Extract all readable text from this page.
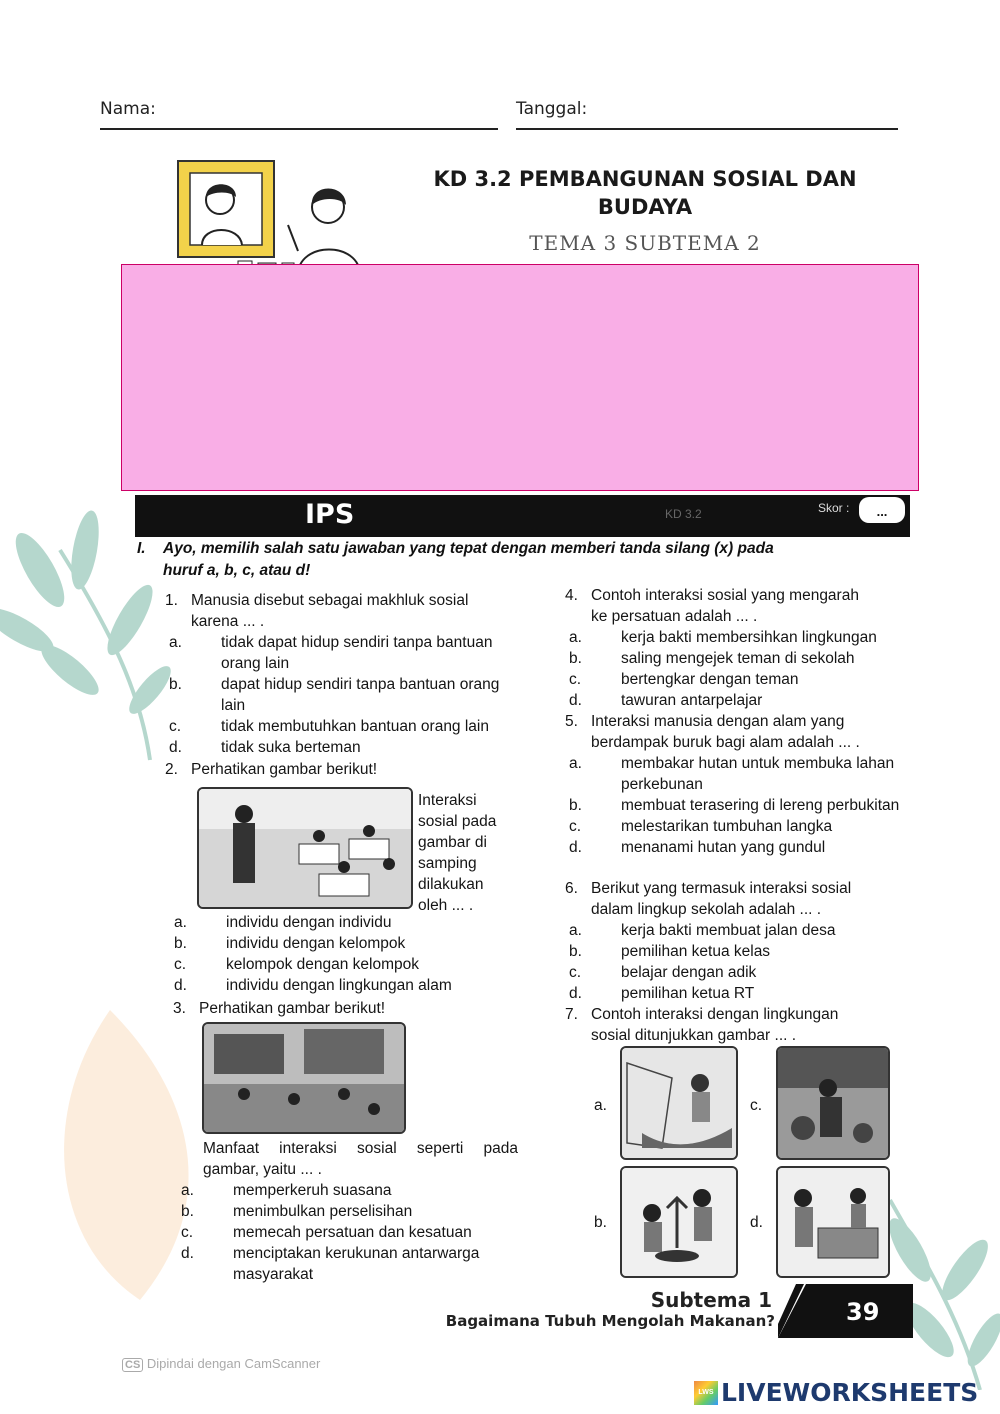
Nama:	Tanggal:
KD 3.2 PEMBANGUNAN SOSIAL DAN
BUDAYA
TEMA 3 SUBTEMA 2
IPS	KD 3.2	Skor :	...
I. Ayo, memilih salah satu jawaban yang tepat dengan memberi tanda silang (x) pada
huruf a, b, c, atau d!
1. Manusia disebut sebagai makhluk sosial
karena ... .
a.	tidak dapat hidup sendiri tanpa bantuan orang lain
b.	dapat hidup sendiri tanpa bantuan orang lain
c.	tidak membutuhkan bantuan orang lain
d.	tidak suka berteman
2. Perhatikan gambar berikut!
Interaksi
sosial pada
gambar di
samping
dilakukan
oleh ... .
a.	individu dengan individu
b.	individu dengan kelompok
c.	kelompok dengan kelompok
d.	individu dengan lingkungan alam
3. Perhatikan gambar berikut!
Manfaat interaksi sosial seperti pada
gambar, yaitu ... .
a.	memperkeruh suasana
b.	menimbulkan perselisihan
c.	memecah persatuan dan kesatuan
d.	menciptakan kerukunan antarwarga masyarakat
4. Contoh interaksi sosial yang mengarah
ke persatuan adalah ... .
a.	kerja bakti membersihkan lingkungan
b.	saling mengejek teman di sekolah
c.	bertengkar dengan teman
d.	tawuran antarpelajar
5. Interaksi manusia dengan alam yang
berdampak buruk bagi alam adalah ... .
a.	membakar hutan untuk membuka lahan perkebunan
b.	membuat terasering di lereng perbukitan
c.	melestarikan tumbuhan langka
d.	menanami hutan yang gundul
6. Berikut yang termasuk interaksi sosial
dalam lingkup sekolah adalah ... .
a.	kerja bakti membuat jalan desa
b.	pemilihan ketua kelas
c.	belajar dengan adik
d.	pemilihan ketua RT
7. Contoh interaksi dengan lingkungan
sosial ditunjukkan gambar ... .
a.	c.
b.	d.
Subtema 1
Bagaimana Tubuh Mengolah Makanan?	39
CS Dipindai dengan CamScanner
LWS LIVEWORKSHEETS
